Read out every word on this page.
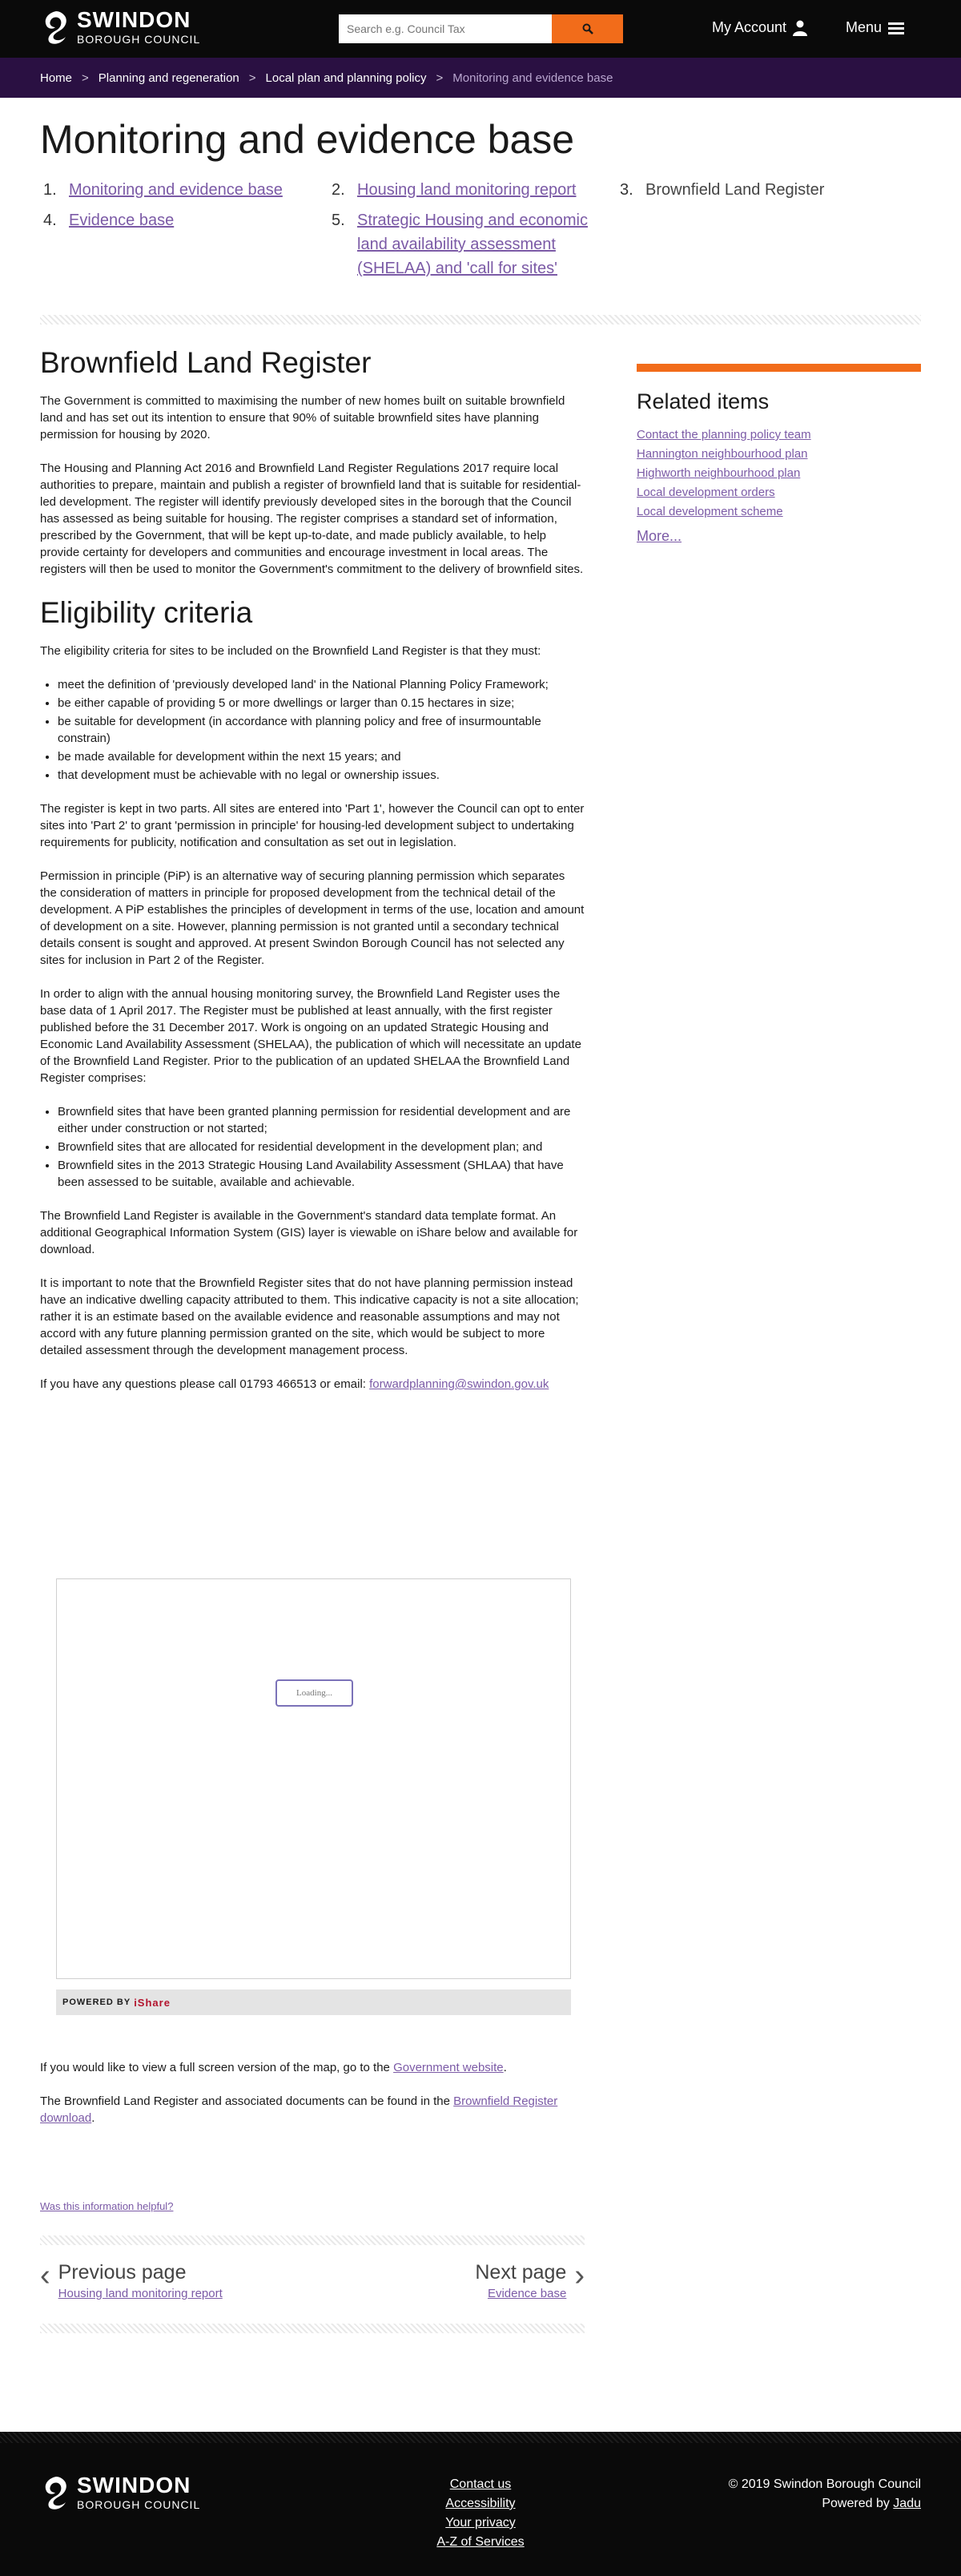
SWINDON
BOROUGH COUNCIL
Search e.g. Council Tax
My Account	Menu
Home > Planning and regeneration > Local plan and planning policy > Monitoring and evidence base
Monitoring and evidence base
1. Monitoring and evidence base	2. Housing land monitoring report	3. Brownfield Land Register
4. Evidence base	5. Strategic Housing and economic land availability assessment (SHELAA) and 'call for sites'
Brownfield Land Register

The Government is committed to maximising the number of new homes built on suitable brownfield land and has set out its intention to ensure that 90% of suitable brownfield sites have planning permission for housing by 2020.

The Housing and Planning Act 2016 and Brownfield Land Register Regulations 2017 require local authorities to prepare, maintain and publish a register of brownfield land that is suitable for residential-led development. The register will identify previously developed sites in the borough that the Council has assessed as being suitable for housing. The register comprises a standard set of information, prescribed by the Government, that will be kept up-to-date, and made publicly available, to help provide certainty for developers and communities and encourage investment in local areas. The registers will then be used to monitor the Government's commitment to the delivery of brownfield sites.

Eligibility criteria

The eligibility criteria for sites to be included on the Brownfield Land Register is that they must:

• meet the definition of 'previously developed land' in the National Planning Policy Framework;
• be either capable of providing 5 or more dwellings or larger than 0.15 hectares in size;
• be suitable for development (in accordance with planning policy and free of insurmountable constrain)
• be made available for development within the next 15 years; and
• that development must be achievable with no legal or ownership issues.

The register is kept in two parts. All sites are entered into 'Part 1', however the Council can opt to enter sites into 'Part 2' to grant 'permission in principle' for housing-led development subject to undertaking requirements for publicity, notification and consultation as set out in legislation.

Permission in principle (PiP) is an alternative way of securing planning permission which separates the consideration of matters in principle for proposed development from the technical detail of the development. A PiP establishes the principles of development in terms of the use, location and amount of development on a site. However, planning permission is not granted until a secondary technical details consent is sought and approved. At present Swindon Borough Council has not selected any sites for inclusion in Part 2 of the Register.

In order to align with the annual housing monitoring survey, the Brownfield Land Register uses the base data of 1 April 2017. The Register must be published at least annually, with the first register published before the 31 December 2017. Work is ongoing on an updated Strategic Housing and Economic Land Availability Assessment (SHELAA), the publication of which will necessitate an update of the Brownfield Land Register. Prior to the publication of an updated SHELAA the Brownfield Land Register comprises:

• Brownfield sites that have been granted planning permission for residential development and are either under construction or not started;
• Brownfield sites that are allocated for residential development in the development plan; and
• Brownfield sites in the 2013 Strategic Housing Land Availability Assessment (SHLAA) that have been assessed to be suitable, available and achievable.

The Brownfield Land Register is available in the Government's standard data template format. An additional Geographical Information System (GIS) layer is viewable on iShare below and available for download.

It is important to note that the Brownfield Register sites that do not have planning permission instead have an indicative dwelling capacity attributed to them. This indicative capacity is not a site allocation; rather it is an estimate based on the available evidence and reasonable assumptions and may not accord with any future planning permission granted on the site, which would be subject to more detailed assessment through the development management process.

If you have any questions please call 01793 466513 or email: forwardplanning@swindon.gov.uk

Loading...
POWERED BY iShare

If you would like to view a full screen version of the map, go to the Government website.

The Brownfield Land Register and associated documents can be found in the Brownfield Register download.

Was this information helpful?
‹ Previous page
Housing land monitoring report
Next page
Evidence base
›
Related items
Contact the planning policy team
Hannington neighbourhood plan
Highworth neighbourhood plan
Local development orders
Local development scheme
More...
SWINDON
BOROUGH COUNCIL
Contact us
Accessibility
Your privacy
A-Z of Services
© 2019 Swindon Borough Council
Powered by Jadu
